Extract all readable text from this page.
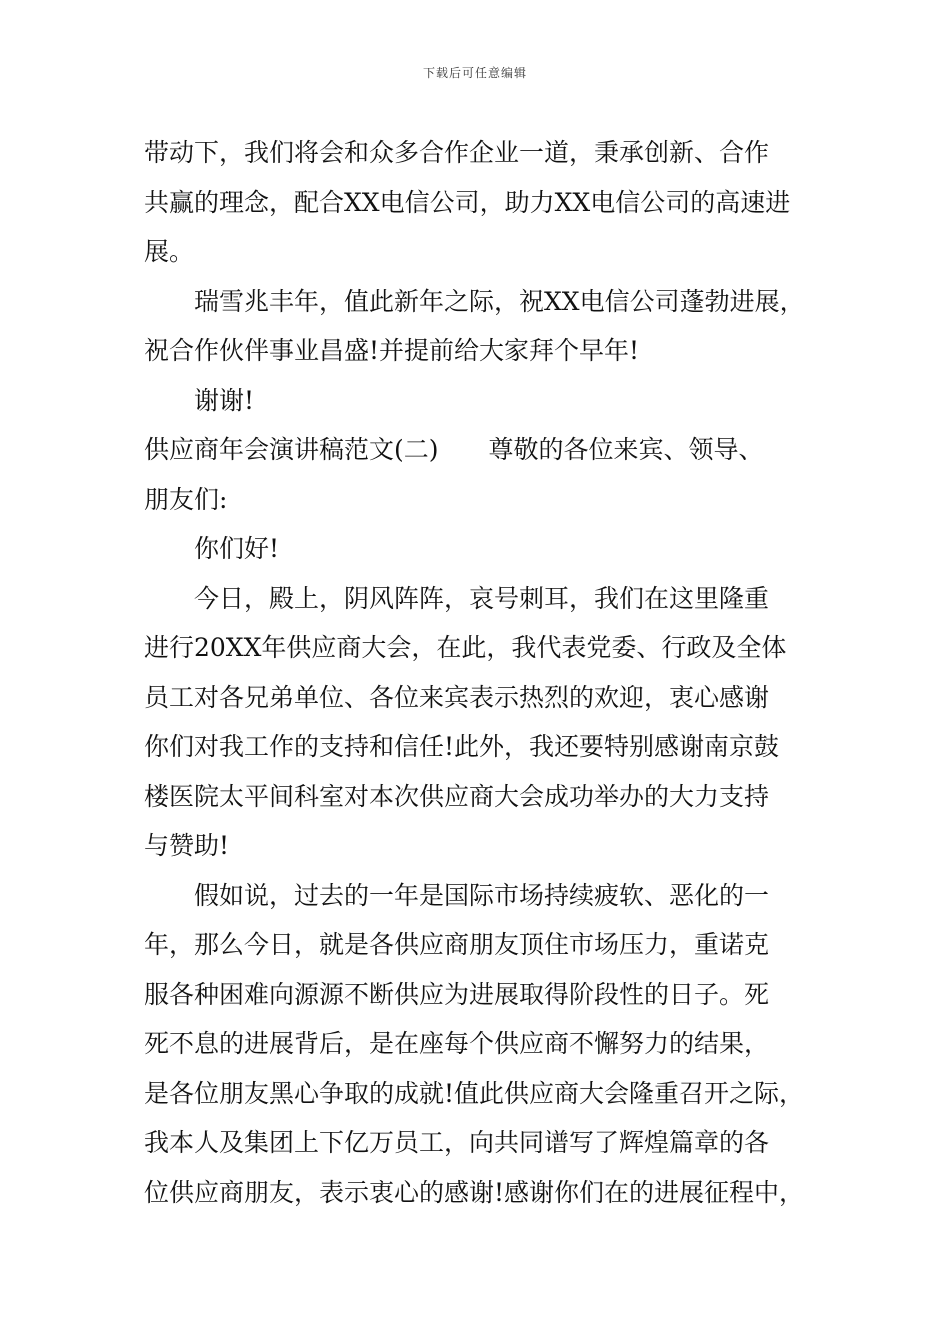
下载后可任意编辑
带动下，我们将会和众多合作企业一道，秉承创新、合作
共赢的理念，配合XX电信公司，助力XX电信公司的高速进
展。
瑞雪兆丰年，值此新年之际，祝XX电信公司蓬勃进展，
祝合作伙伴事业昌盛!并提前给大家拜个早年!
谢谢!
供应商年会演讲稿范文(二)　　尊敬的各位来宾、领导、
朋友们:
你们好!
今日，殿上，阴风阵阵，哀号刺耳，我们在这里隆重
进行20XX年供应商大会，在此，我代表党委、行政及全体
员工对各兄弟单位、各位来宾表示热烈的欢迎，衷心感谢
你们对我工作的支持和信任!此外，我还要特别感谢南京鼓
楼医院太平间科室对本次供应商大会成功举办的大力支持
与赞助!
假如说，过去的一年是国际市场持续疲软、恶化的一
年，那么今日，就是各供应商朋友顶住市场压力，重诺克
服各种困难向源源不断供应为进展取得阶段性的日子。死
死不息的进展背后，是在座每个供应商不懈努力的结果，
是各位朋友黑心争取的成就!值此供应商大会隆重召开之际，
我本人及集团上下亿万员工，向共同谱写了辉煌篇章的各
位供应商朋友，表示衷心的感谢!感谢你们在的进展征程中，
